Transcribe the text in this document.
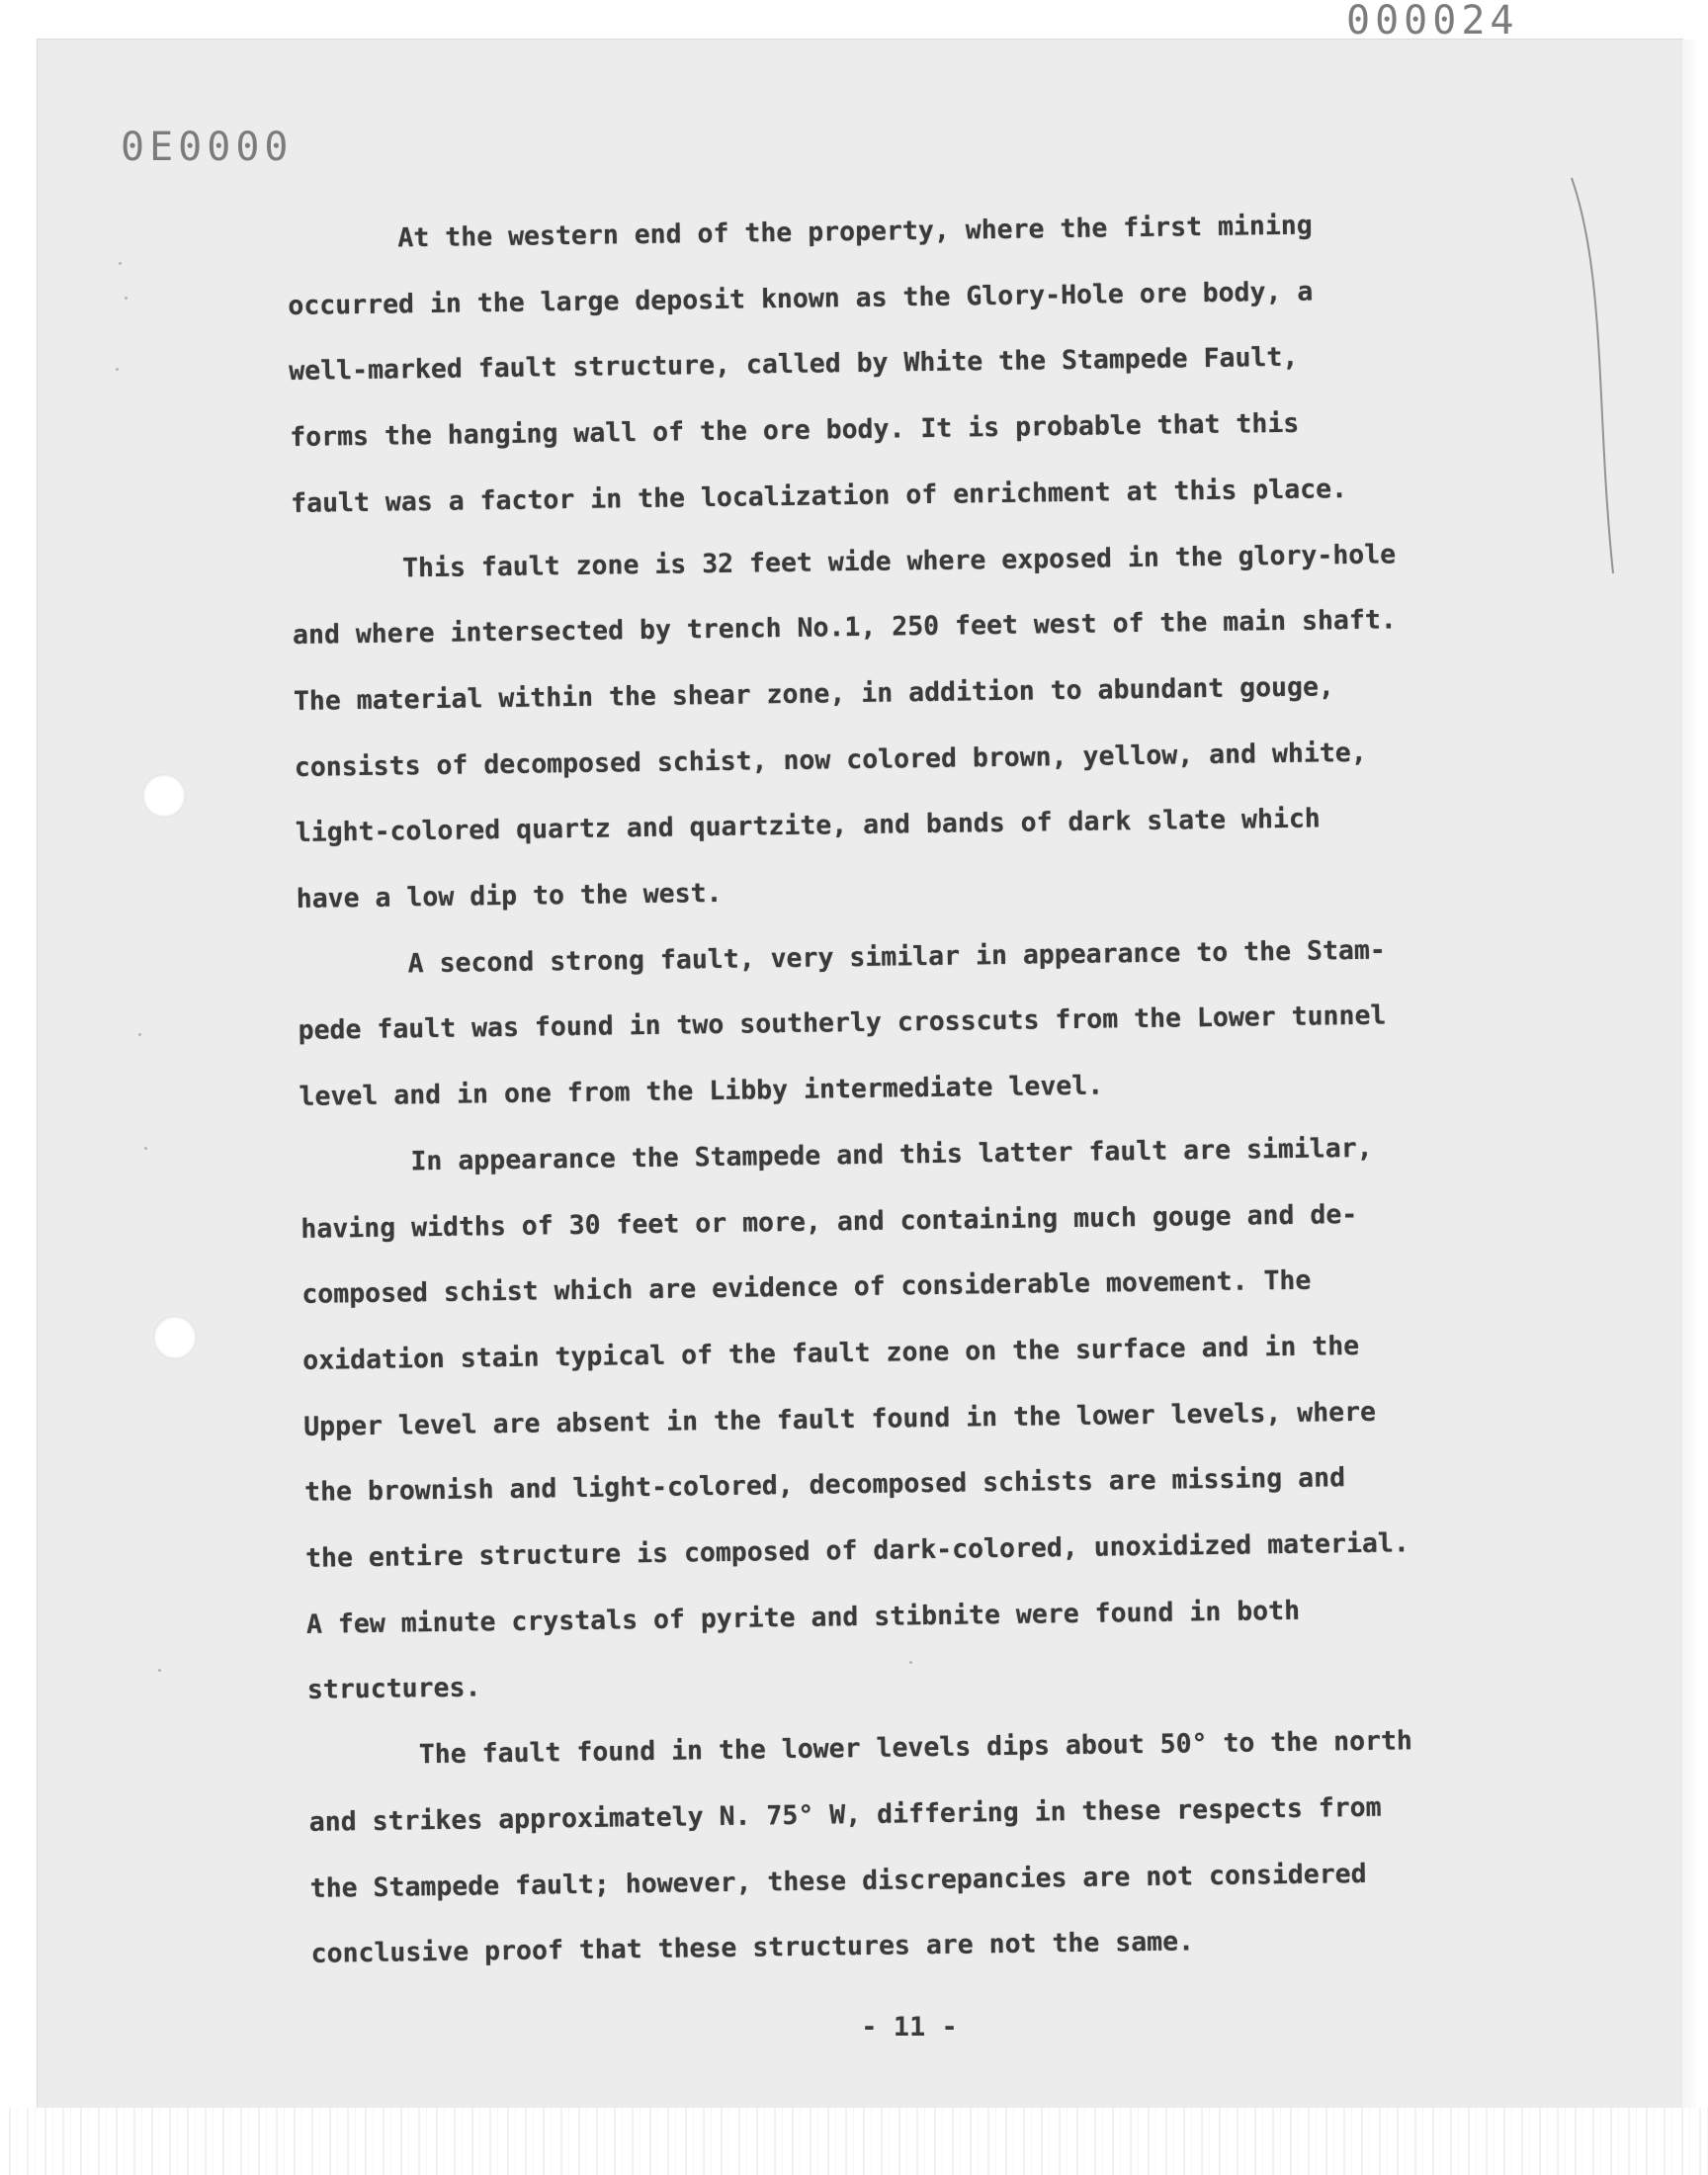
000024
0E0000

At the western end of the property, where the first mining
occurred in the large deposit known as the Glory-Hole ore body, a
well-marked fault structure, called by White the Stampede Fault,
forms the hanging wall of the ore body. It is probable that this
fault was a factor in the localization of enrichment at this place.

This fault zone is 32 feet wide where exposed in the glory-hole
and where intersected by trench No.1, 250 feet west of the main shaft.
The material within the shear zone, in addition to abundant gouge,
consists of decomposed schist, now colored brown, yellow, and white,
light-colored quartz and quartzite, and bands of dark slate which
have a low dip to the west.

A second strong fault, very similar in appearance to the Stam-
pede fault was found in two southerly crosscuts from the Lower tunnel
level and in one from the Libby intermediate level.

In appearance the Stampede and this latter fault are similar,
having widths of 30 feet or more, and containing much gouge and de-
composed schist which are evidence of considerable movement. The
oxidation stain typical of the fault zone on the surface and in the
Upper level are absent in the fault found in the lower levels, where
the brownish and light-colored, decomposed schists are missing and
the entire structure is composed of dark-colored, unoxidized material.
A few minute crystals of pyrite and stibnite were found in both
structures.

The fault found in the lower levels dips about 50° to the north
and strikes approximately N. 75° W, differing in these respects from
the Stampede fault; however, these discrepancies are not considered
conclusive proof that these structures are not the same.

- 11 -
